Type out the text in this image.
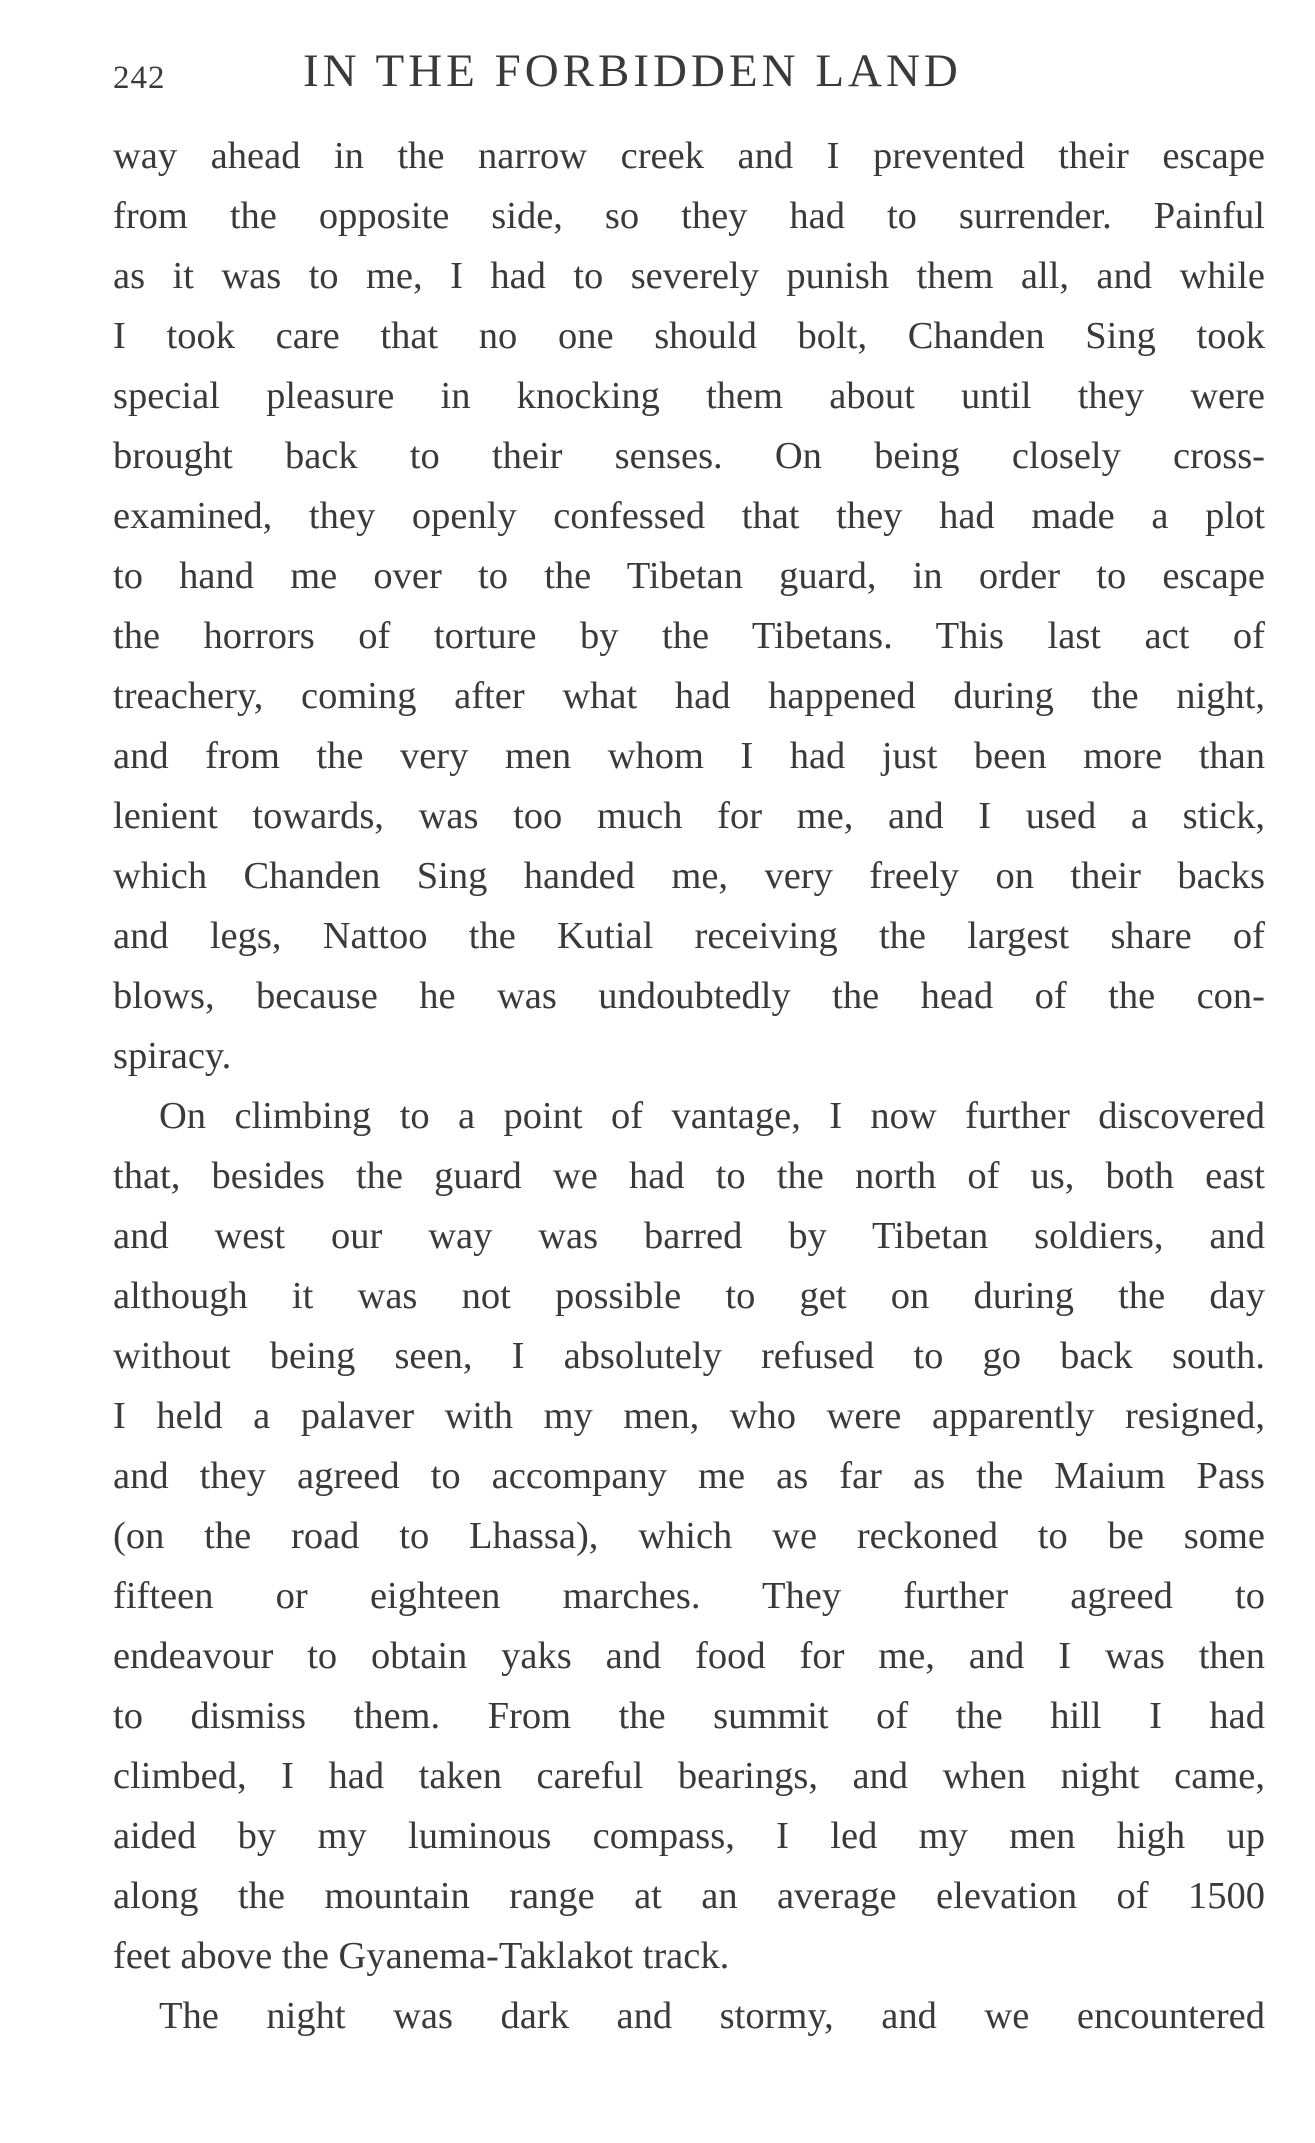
242	IN THE FORBIDDEN LAND
way ahead in the narrow creek and I prevented their escape
from the opposite side, so they had to surrender. Painful
as it was to me, I had to severely punish them all, and while
I took care that no one should bolt, Chanden Sing took
special pleasure in knocking them about until they were
brought back to their senses. On being closely cross-
examined, they openly confessed that they had made a plot
to hand me over to the Tibetan guard, in order to escape
the horrors of torture by the Tibetans. This last act of
treachery, coming after what had happened during the night,
and from the very men whom I had just been more than
lenient towards, was too much for me, and I used a stick,
which Chanden Sing handed me, very freely on their backs
and legs, Nattoo the Kutial receiving the largest share of
blows, because he was undoubtedly the head of the con-
spiracy.
On climbing to a point of vantage, I now further discovered
that, besides the guard we had to the north of us, both east
and west our way was barred by Tibetan soldiers, and
although it was not possible to get on during the day
without being seen, I absolutely refused to go back south.
I held a palaver with my men, who were apparently resigned,
and they agreed to accompany me as far as the Maium Pass
(on the road to Lhassa), which we reckoned to be some
fifteen or eighteen marches. They further agreed to
endeavour to obtain yaks and food for me, and I was then
to dismiss them. From the summit of the hill I had
climbed, I had taken careful bearings, and when night came,
aided by my luminous compass, I led my men high up
along the mountain range at an average elevation of 1500
feet above the Gyanema-Taklakot track.
The night was dark and stormy, and we encountered
